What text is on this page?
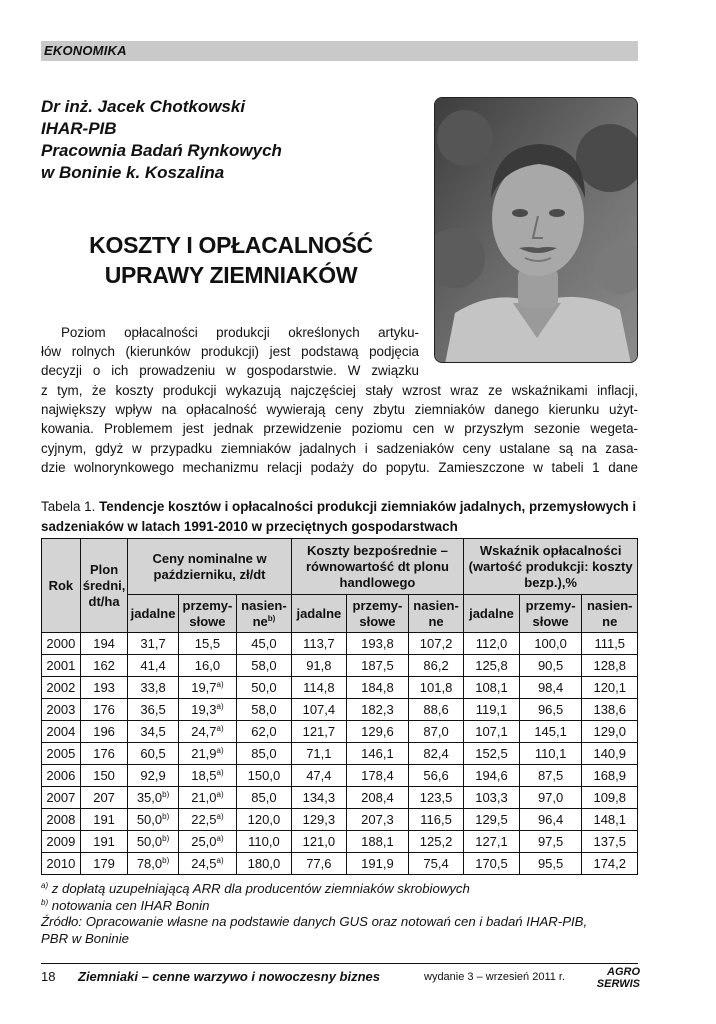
EKONOMIKA
Dr inż. Jacek Chotkowski
IHAR-PIB
Pracownia Badań Rynkowych
w Boninie k. Koszalina
KOSZTY I OPŁACALNOŚĆ
UPRAWY ZIEMNIAKÓW
Poziom opłacalności produkcji określonych artyku-
łów rolnych (kierunków produkcji) jest podstawą podjęcia
decyzji o ich prowadzeniu w gospodarstwie. W związku
z tym, że koszty produkcji wykazują najczęściej stały wzrost wraz ze wskaźnikami inflacji,
największy wpływ na opłacalność wywierają ceny zbytu ziemniaków danego kierunku użyt-
kowania. Problemem jest jednak przewidzenie poziomu cen w przyszłym sezonie wegeta-
cyjnym, gdyż w przypadku ziemniaków jadalnych i sadzeniaków ceny ustalane są na zasa-
dzie wolnorynkowego mechanizmu relacji podaży do popytu. Zamieszczone w tabeli 1 dane
Tabela 1. Tendencje kosztów i opłacalności produkcji ziemniaków jadalnych, przemysłowych i sadzeniaków w latach 1991-2010 w przeciętnych gospodarstwach
Rok	Plon średni, dt/ha	Ceny nominalne w październiku, zł/dt			Koszty bezpośrednie – równowartość dt plonu handlowego			Wskaźnik opłacalności (wartość produkcji: koszty bezp.),%		
		jadalne	przemy-słowe	nasien-$ne^{b)}$	jadalne	przemy-słowe	nasien-ne	jadalne	przemy-słowe	nasien-ne
2000	194	31,7	15,5	45,0	113,7	193,8	107,2	112,0	100,0	111,5
2001	162	41,4	16,0	58,0	91,8	187,5	86,2	125,8	90,5	128,8
2002	193	33,8	19,7$^{a)}$	50,0	114,8	184,8	101,8	108,1	98,4	120,1
2003	176	36,5	19,3$^{a)}$	58,0	107,4	182,3	88,6	119,1	96,5	138,6
2004	196	34,5	24,7$^{a)}$	62,0	121,7	129,6	87,0	107,1	145,1	129,0
2005	176	60,5	21,9$^{a)}$	85,0	71,1	146,1	82,4	152,5	110,1	140,9
2006	150	92,9	18,5$^{a)}$	150,0	47,4	178,4	56,6	194,6	87,5	168,9
2007	207	35,0$^{b)}$	21,0$^{a)}$	85,0	134,3	208,4	123,5	103,3	97,0	109,8
2008	191	50,0$^{b)}$	22,5$^{a)}$	120,0	129,3	207,3	116,5	129,5	96,4	148,1
2009	191	50,0$^{b)}$	25,0$^{a)}$	110,0	121,0	188,1	125,2	127,1	97,5	137,5
2010	179	78,0$^{b)}$	24,5$^{a)}$	180,0	77,6	191,9	75,4	170,5	95,5	174,2
$^{a)}$ z dopłatą uzupełniającą ARR dla producentów ziemniaków skrobiowych
$^{b)}$ notowania cen IHAR Bonin
Źródło: Opracowanie własne na podstawie danych GUS oraz notowań cen i badań IHAR-PIB,
PBR w Boninie
18 Ziemniaki – cenne warzywo i nowoczesny biznes	wydanie 3 – wrzesień 2011 r.	AGRO
SERWIS
